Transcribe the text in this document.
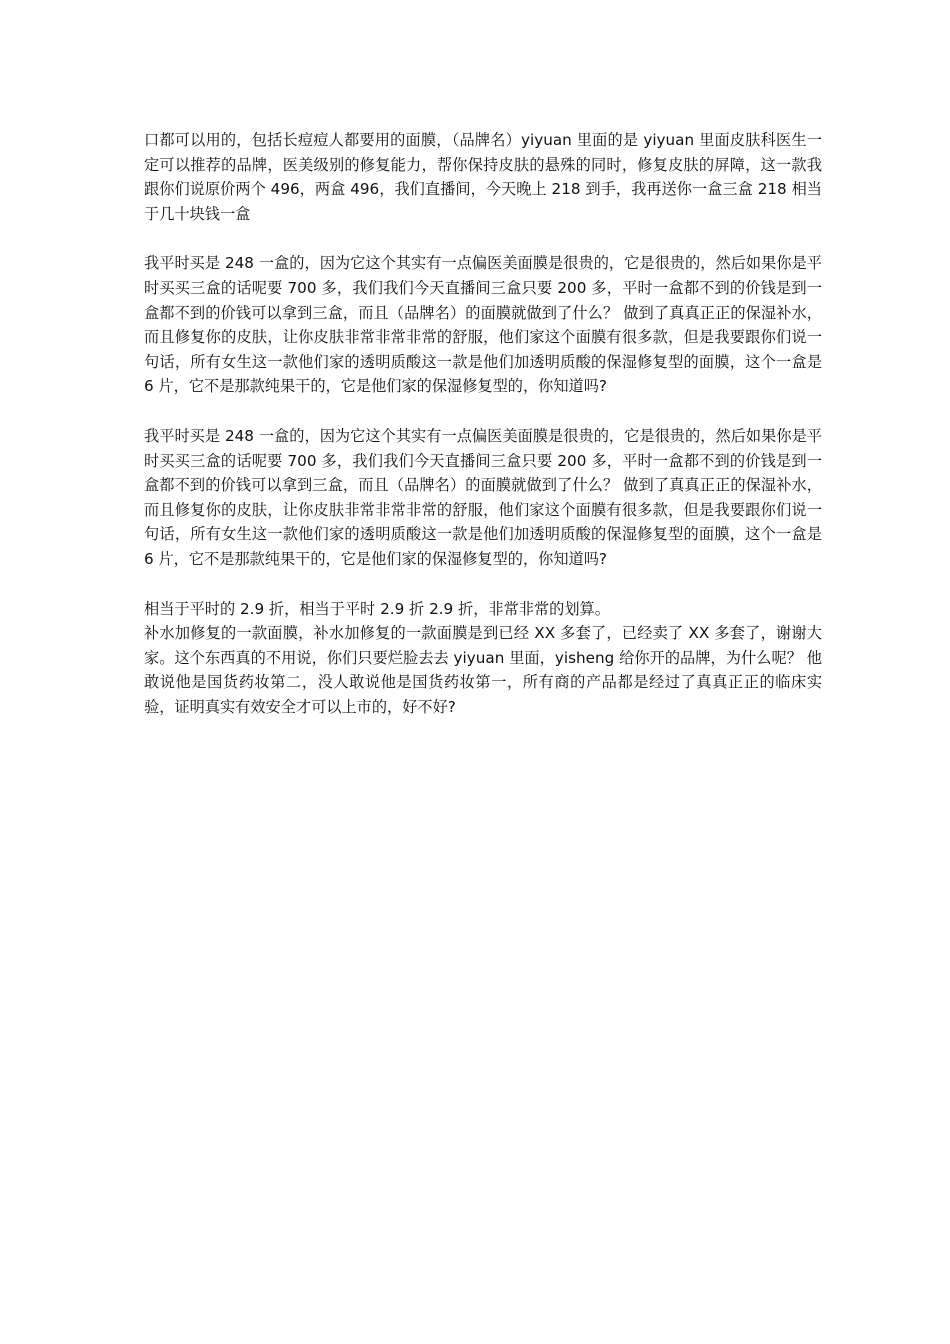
口都可以用的，包括长痘痘人都要用的面膜，（品牌名）yiyuan 里面的是 yiyuan 里面皮肤科医生一定可以推荐的品牌，医美级别的修复能力，帮你保持皮肤的悬殊的同时，修复皮肤的屏障，这一款我跟你们说原价两个 496，两盒 496，我们直播间，今天晚上 218 到手，我再送你一盒三盒 218 相当于几十块钱一盒

我平时买是 248 一盒的，因为它这个其实有一点偏医美面膜是很贵的，它是很贵的，然后如果你是平时买买三盒的话呢要 700 多，我们我们今天直播间三盒只要 200 多，平时一盒都不到的价钱是到一盒都不到的价钱可以拿到三盒，而且（品牌名）的面膜就做到了什么？ 做到了真真正正的保湿补水，而且修复你的皮肤，让你皮肤非常非常非常的舒服，他们家这个面膜有很多款，但是我要跟你们说一句话，所有女生这一款他们家的透明质酸这一款是他们加透明质酸的保湿修复型的面膜，这个一盒是 6 片，它不是那款纯果干的，它是他们家的保湿修复型的，你知道吗?

我平时买是 248 一盒的，因为它这个其实有一点偏医美面膜是很贵的，它是很贵的，然后如果你是平时买买三盒的话呢要 700 多，我们我们今天直播间三盒只要 200 多，平时一盒都不到的价钱是到一盒都不到的价钱可以拿到三盒，而且（品牌名）的面膜就做到了什么？ 做到了真真正正的保湿补水，而且修复你的皮肤，让你皮肤非常非常非常的舒服，他们家这个面膜有很多款，但是我要跟你们说一句话，所有女生这一款他们家的透明质酸这一款是他们加透明质酸的保湿修复型的面膜，这个一盒是 6 片，它不是那款纯果干的，它是他们家的保湿修复型的，你知道吗?

相当于平时的 2.9 折，相当于平时 2.9 折 2.9 折，非常非常的划算。

补水加修复的一款面膜，补水加修复的一款面膜是到已经 XX 多套了，已经卖了 XX 多套了，谢谢大家。这个东西真的不用说，你们只要烂脸去去 yiyuan 里面，yisheng 给你开的品牌，为什么呢？ 他敢说他是国货药妆第二，没人敢说他是国货药妆第一，所有商的产品都是经过了真真正正的临床实验，证明真实有效安全才可以上市的，好不好?
